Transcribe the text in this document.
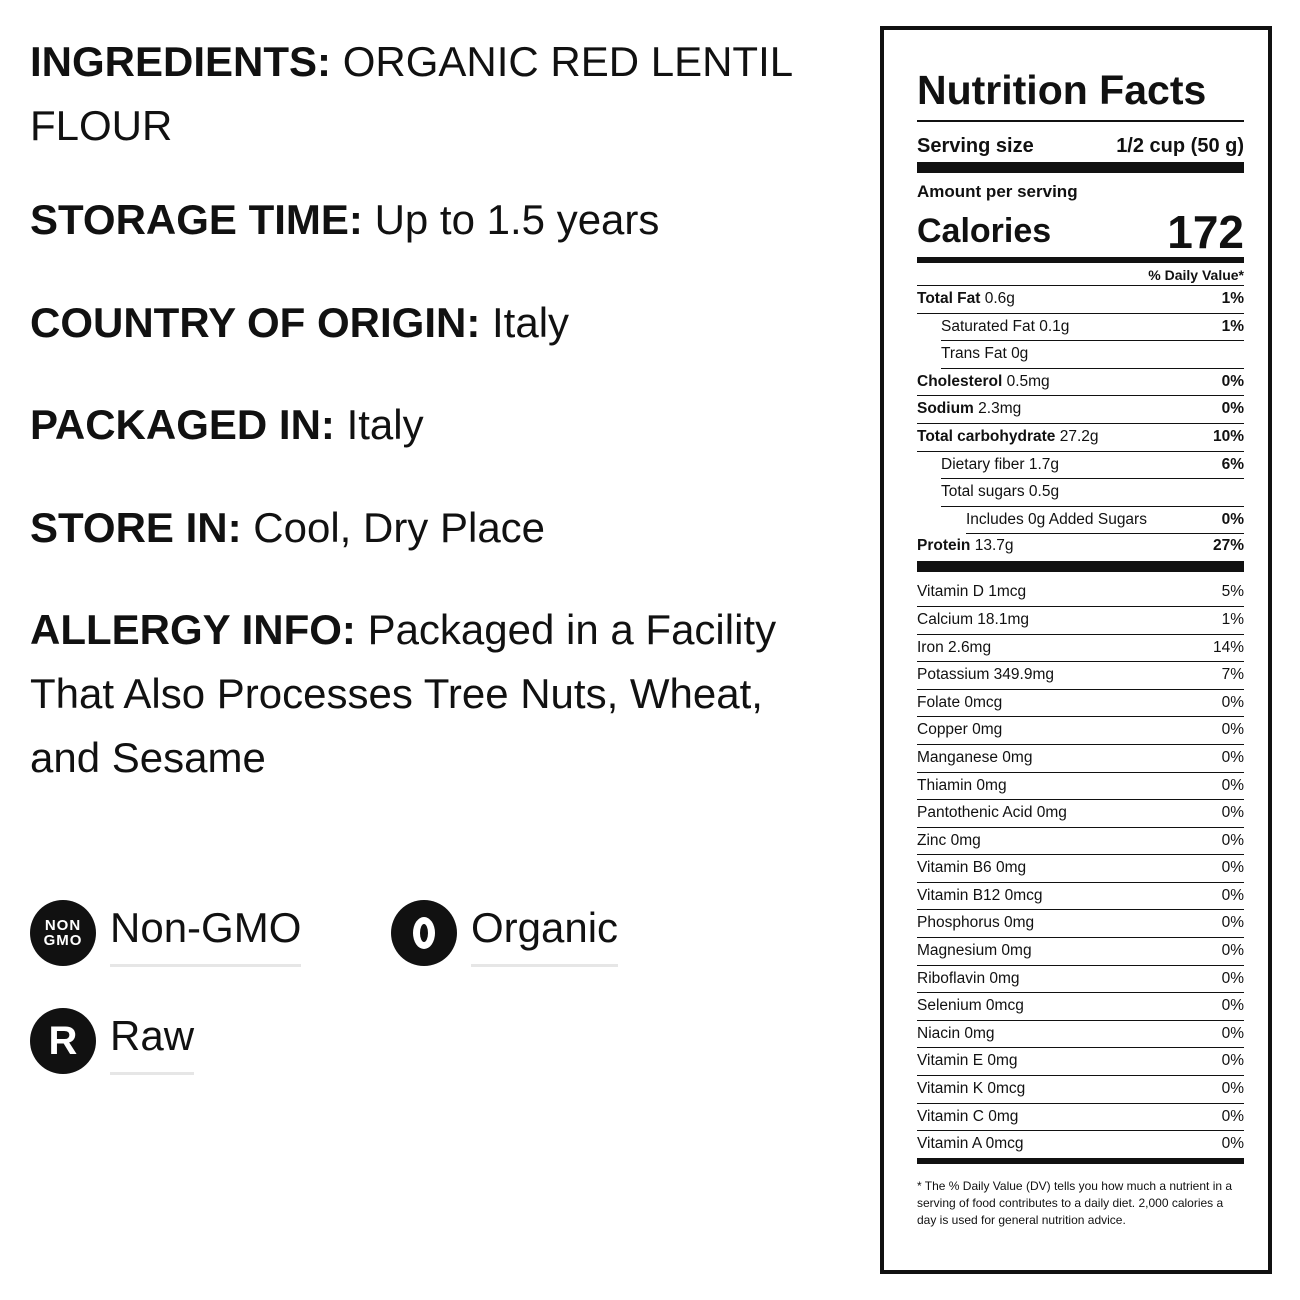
INGREDIENTS: ORGANIC RED LENTIL FLOUR

STORAGE TIME: Up to 1.5 years

COUNTRY OF ORIGIN: Italy

PACKAGED IN: Italy

STORE IN: Cool, Dry Place

ALLERGY INFO: Packaged in a Facility That Also Processes Tree Nuts, Wheat, and Sesame

NON
GMO Non-GMO	Organic
R Raw
Nutrition Facts
Serving size	1/2 cup (50 g)
Amount per serving
Calories	172
% Daily Value*
Total Fat 0.6g	1%
Saturated Fat 0.1g	1%
Trans Fat 0g
Cholesterol 0.5mg	0%
Sodium 2.3mg	0%
Total carbohydrate 27.2g	10%
Dietary fiber 1.7g	6%
Total sugars 0.5g
Includes 0g Added Sugars	0%
Protein 13.7g	27%
Vitamin D 1mcg	5%
Calcium 18.1mg	1%
Iron 2.6mg	14%
Potassium 349.9mg	7%
Folate 0mcg	0%
Copper 0mg	0%
Manganese 0mg	0%
Thiamin 0mg	0%
Pantothenic Acid 0mg	0%
Zinc 0mg	0%
Vitamin B6 0mg	0%
Vitamin B12 0mcg	0%
Phosphorus 0mg	0%
Magnesium 0mg	0%
Riboflavin 0mg	0%
Selenium 0mcg	0%
Niacin 0mg	0%
Vitamin E 0mg	0%
Vitamin K 0mcg	0%
Vitamin C 0mg	0%
Vitamin A 0mcg	0%
* The % Daily Value (DV) tells you how much a nutrient in a serving of food contributes to a daily diet. 2,000 calories a day is used for general nutrition advice.
